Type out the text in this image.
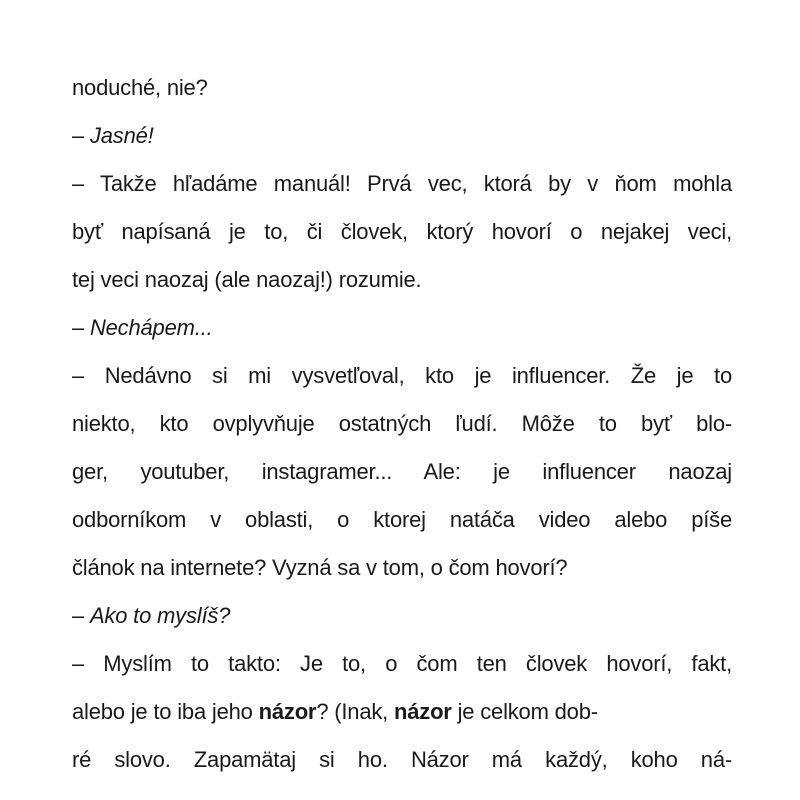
noduché, nie?
– Jasné!
– Takže hľadáme manuál! Prvá vec, ktorá by v ňom mohla
byť napísaná je to, či človek, ktorý hovorí o nejakej veci,
tej veci naozaj (ale naozaj!) rozumie.
– Nechápem...
– Nedávno si mi vysvetľoval, kto je influencer. Že je to
niekto, kto ovplyvňuje ostatných ľudí. Môže to byť blo-
ger, youtuber, instagramer... Ale: je influencer naozaj
odborníkom v oblasti, o ktorej natáča video alebo píše
článok na internete? Vyzná sa v tom, o čom hovorí?
– Ako to myslíš?
– Myslím to takto: Je to, o čom ten človek hovorí, fakt,
alebo je to iba jeho názor? (Inak, názor je celkom dob-
ré slovo. Zapamätaj si ho. Názor má každý, koho ná-
